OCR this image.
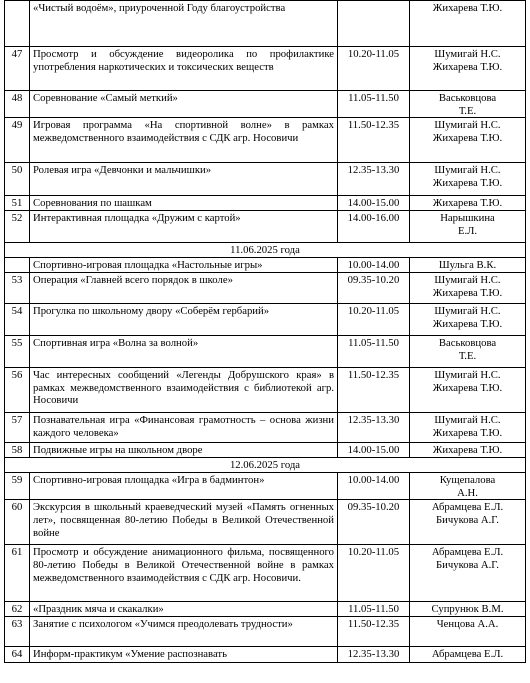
	«Чистый водоём», приуроченной Году благоустройства		Жихарева Т.Ю.

47	Просмотр и обсуждение видеоролика по профилактике употребления наркотических и токсических веществ	10.20-11.05	Шумигай Н.С.
Жихарева Т.Ю.

48	Соревнование «Самый меткий»	11.05-11.50	Васьковцова
Т.Е.

49	Игровая программа «На спортивной волне» в рамках межведомственного взаимодействия с СДК агр. Носовичи	11.50-12.35	Шумигай Н.С.
Жихарева Т.Ю.

50	Ролевая игра «Девчонки и мальчишки»	12.35-13.30	Шумигай Н.С.
Жихарева Т.Ю.

51	Соревнования по шашкам	14.00-15.00	Жихарева Т.Ю.

52	Интерактивная площадка «Дружим с картой»	14.00-16.00	Нарышкина
Е.Л.

11.06.2025 года			

	Спортивно-игровая площадка «Настольные игры»	10.00-14.00	Шульга В.К.

53	Операция «Главней всего порядок в школе»	09.35-10.20	Шумигай Н.С.
Жихарева Т.Ю.

54	Прогулка по школьному двору «Соберём гербарий»	10.20-11.05	Шумигай Н.С.
Жихарева Т.Ю.

55	Спортивная игра «Волна за волной»	11.05-11.50	Васьковцова
Т.Е.

56	Час интересных сообщений «Легенды Добрушского края» в рамках межведомственного взаимодействия с библиотекой агр. Носовичи	11.50-12.35	Шумигай Н.С.
Жихарева Т.Ю.

57	Познавательная игра «Финансовая грамотность – основа жизни каждого человека»	12.35-13.30	Шумигай Н.С.
Жихарева Т.Ю.

58	Подвижные игры на школьном дворе	14.00-15.00	Жихарева Т.Ю.

12.06.2025 года			
59	Спортивно-игровая площадка «Игра в бадминтон»	10.00-14.00	Кущепалова
А.Н.

60	Экскурсия в школьный краеведческий музей «Память огненных лет», посвященная 80-летию Победы в Великой Отечественной войне	09.35-10.20	Абрамцева Е.Л.
Бичукова А.Г.

61	Просмотр и обсуждение анимационного фильма, посвященного 80-летию Победы в Великой Отечественной войне в рамках межведомственного взаимодействия с СДК агр. Носовичи.	10.20-11.05	Абрамцева Е.Л.
Бичукова А.Г.

62	«Праздник мяча и скакалки»	11.05-11.50	Супрунюк В.М.

63	Занятие с психологом «Учимся преодолевать трудности»	11.50-12.35	Ченцова А.А.

64	Информ-практикум «Умение распознавать	12.35-13.30	Абрамцева Е.Л.
